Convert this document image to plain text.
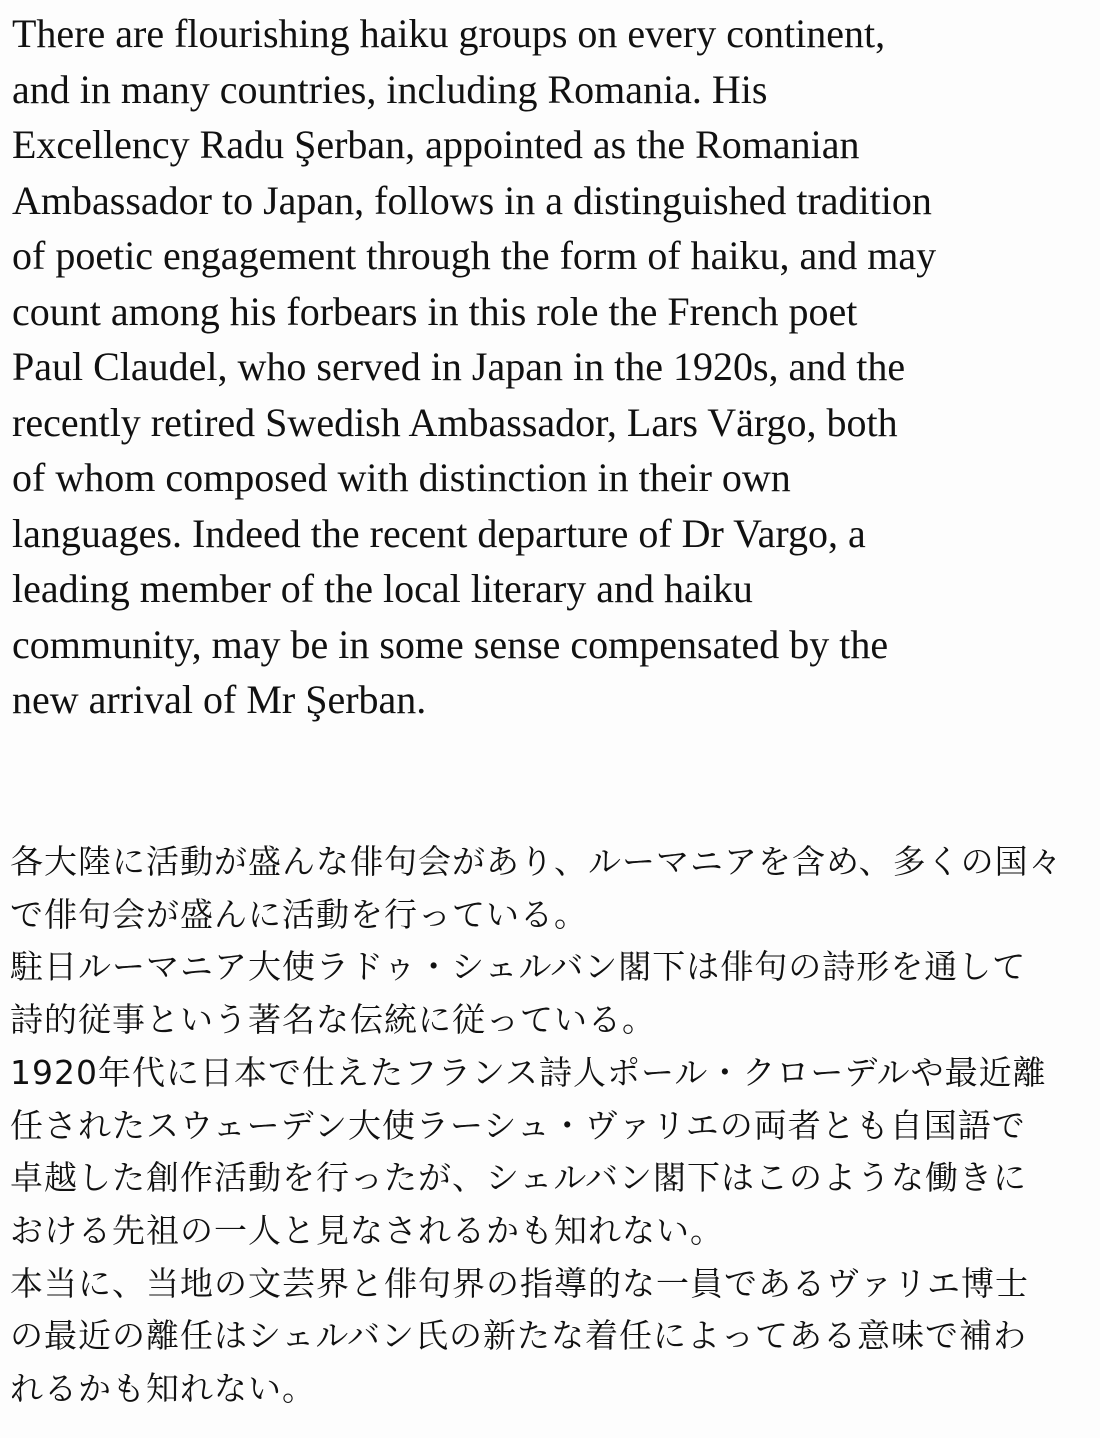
There are flourishing haiku groups on every continent,
and in many countries, including Romania. His
Excellency Radu Şerban, appointed as the Romanian
Ambassador to Japan, follows in a distinguished tradition
of poetic engagement through the form of haiku, and may
count among his forbears in this role the French poet
Paul Claudel, who served in Japan in the 1920s, and the
recently retired Swedish Ambassador, Lars Värgo, both
of whom composed with distinction in their own
languages. Indeed the recent departure of Dr Vargo, a
leading member of the local literary and haiku
community, may be in some sense compensated by the
new arrival of Mr Şerban.
各大陸に活動が盛んな俳句会があり、ルーマニアを含め、多くの国々
で俳句会が盛んに活動を行っている。
駐日ルーマニア大使ラドゥ・シェルバン閣下は俳句の詩形を通して
詩的従事という著名な伝統に従っている。
1920年代に日本で仕えたフランス詩人ポール・クローデルや最近離
任されたスウェーデン大使ラーシュ・ヴァリエの両者とも自国語で
卓越した創作活動を行ったが、シェルバン閣下はこのような働きに
おける先祖の一人と見なされるかも知れない。
本当に、当地の文芸界と俳句界の指導的な一員であるヴァリエ博士
の最近の離任はシェルバン氏の新たな着任によってある意味で補わ
れるかも知れない。
